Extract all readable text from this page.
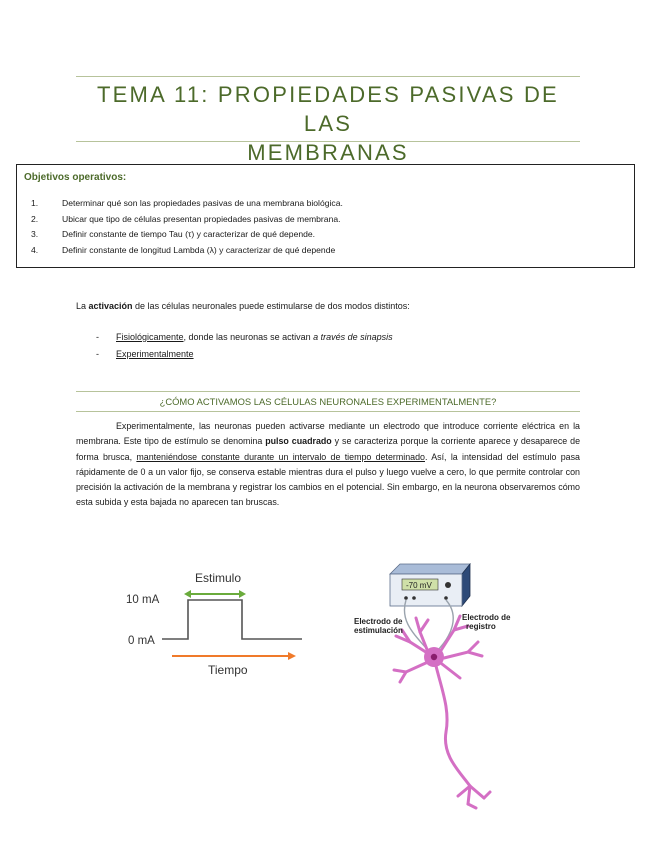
TEMA 11: PROPIEDADES PASIVAS DE LAS
MEMBRANAS
Objetivos operativos:
1.	Determinar qué son las propiedades pasivas de una membrana biológica.
2.	Ubicar que tipo de células presentan propiedades pasivas de membrana.
3.	Definir constante de tiempo Tau (τ) y caracterizar de qué depende.
4.	Definir constante de longitud Lambda (λ) y caracterizar de qué depende
La activación de las células neuronales puede estimularse de dos modos distintos:
- Fisiológicamente, donde las neuronas se activan a través de sinapsis
- Experimentalmente
¿CÓMO ACTIVAMOS LAS CÉLULAS NEURONALES EXPERIMENTALMENTE?

Experimentalmente, las neuronas pueden activarse mediante un electrodo que introduce corriente eléctrica en la membrana. Este tipo de estímulo se denomina pulso cuadrado y se caracteriza porque la corriente aparece y desaparece de forma brusca, manteniéndose constante durante un intervalo de tiempo determinado. Así, la intensidad del estímulo pasa rápidamente de 0 a un valor fijo, se conserva estable mientras dura el pulso y luego vuelve a cero, lo que permite controlar con precisión la activación de la membrana y registrar los cambios en el potencial. Sin embargo, en la neurona observaremos cómo esta subida y esta bajada no aparecen tan bruscas.

Estimulo
10 mA
0 mA
Tiempo
-70 mV
Electrodo de estimulación
Electrodo de registro
